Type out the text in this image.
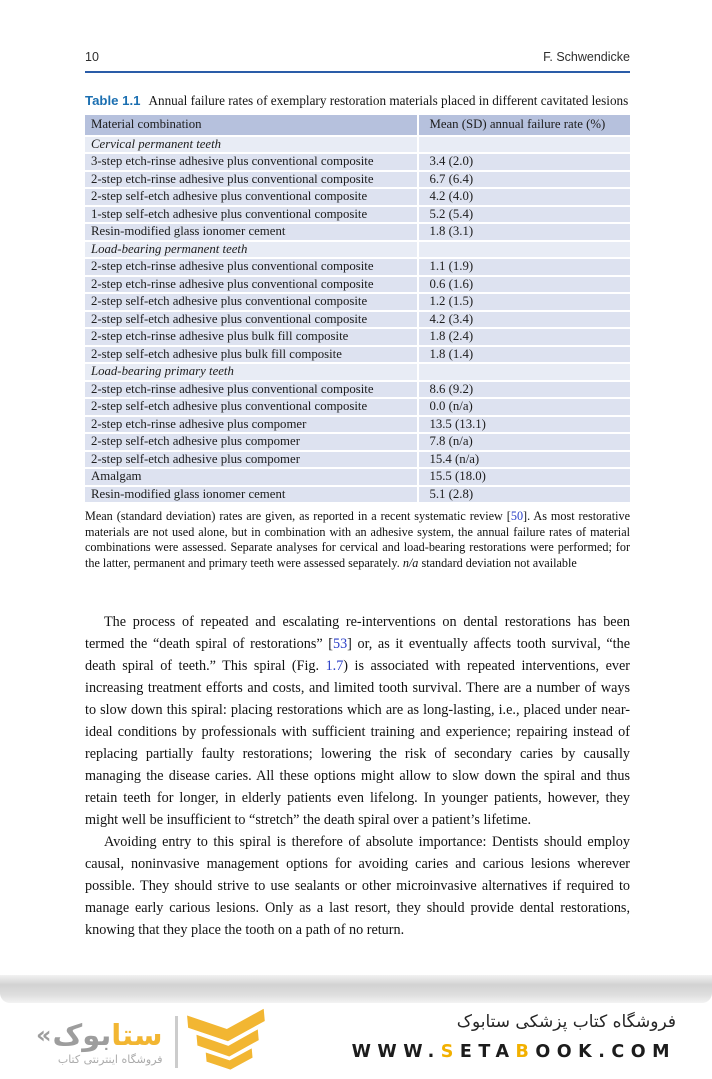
10	F. Schwendicke
Table 1.1 Annual failure rates of exemplary restoration materials placed in different cavitated lesions
Material combination	Mean (SD) annual failure rate (%)
Cervical permanent teeth	
3-step etch-rinse adhesive plus conventional composite	3.4 (2.0)
2-step etch-rinse adhesive plus conventional composite	6.7 (6.4)
2-step self-etch adhesive plus conventional composite	4.2 (4.0)
1-step self-etch adhesive plus conventional composite	5.2 (5.4)
Resin-modified glass ionomer cement	1.8 (3.1)
Load-bearing permanent teeth	
2-step etch-rinse adhesive plus conventional composite	1.1 (1.9)
2-step etch-rinse adhesive plus conventional composite	0.6 (1.6)
2-step self-etch adhesive plus conventional composite	1.2 (1.5)
2-step self-etch adhesive plus conventional composite	4.2 (3.4)
2-step etch-rinse adhesive plus bulk fill composite	1.8 (2.4)
2-step self-etch adhesive plus bulk fill composite	1.8 (1.4)
Load-bearing primary teeth	
2-step etch-rinse adhesive plus conventional composite	8.6 (9.2)
2-step self-etch adhesive plus conventional composite	0.0 (n/a)
2-step etch-rinse adhesive plus compomer	13.5 (13.1)
2-step self-etch adhesive plus compomer	7.8 (n/a)
2-step self-etch adhesive plus compomer	15.4 (n/a)
Amalgam	15.5 (18.0)
Resin-modified glass ionomer cement	5.1 (2.8)
Mean (standard deviation) rates are given, as reported in a recent systematic review [50]. As most restorative materials are not used alone, but in combination with an adhesive system, the annual failure rates of material combinations were assessed. Separate analyses for cervical and load-bearing restorations were performed; for the latter, permanent and primary teeth were assessed separately. n/a standard deviation not available

The process of repeated and escalating re-interventions on dental restorations has been termed the “death spiral of restorations” [53] or, as it eventually affects tooth survival, “the death spiral of teeth.” This spiral (Fig. 1.7) is associated with repeated interventions, ever increasing treatment efforts and costs, and limited tooth survival. There are a number of ways to slow down this spiral: placing restorations which are as long-lasting, i.e., placed under near-ideal conditions by professionals with sufficient training and experience; repairing instead of replacing partially faulty restorations; lowering the risk of secondary caries by causally managing the disease caries. All these options might allow to slow down the spiral and thus retain teeth for longer, in elderly patients even lifelong. In younger patients, however, they might well be insufficient to “stretch” the death spiral over a patient’s lifetime.

Avoiding entry to this spiral is therefore of absolute importance: Dentists should employ causal, noninvasive management options for avoiding caries and carious lesions wherever possible. They should strive to use sealants or other microinvasive alternatives if required to manage early carious lesions. Only as a last resort, they should provide dental restorations, knowing that they place the tooth on a path of no return.

« بوک ستا
فروشگاه اینترنتی کتاب
فروشگاه کتاب پزشکی ستابوک
WWW.SETABOOK.COM
